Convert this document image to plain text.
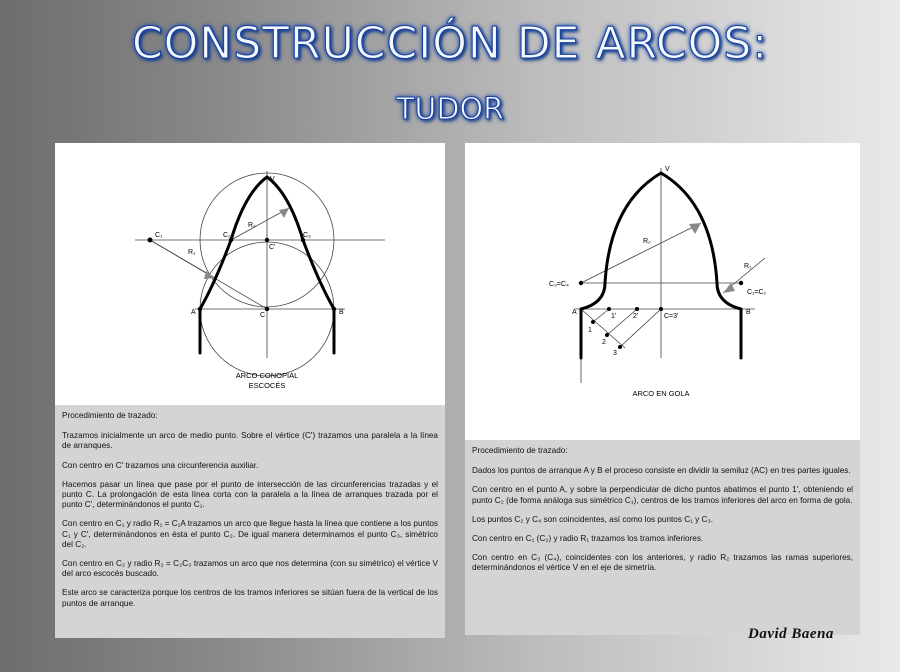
CONSTRUCCIÓN DE ARCOS:
TUDOR
V
C₁
R₁
R₂
C₂	C₃
C'
A	C	B
ARCO CONOPIAL
ESCOCÉS

Procedimiento de trazado:

Trazamos inicialmente un arco de medio punto. Sobre el vértice (C') trazamos una paralela a la línea de arranques.

Con centro en C' trazamos una circunferencia auxiliar.

Hacemos pasar un línea que pase por el punto de intersección de las circunferencias trazadas y el punto C. La prolongación de esta línea corta con la paralela a la línea de arranques trazada por el punto C', determinándonos el punto C₁.

Con centro en C₁ y radio R₁ = C₁A trazamos un arco que llegue hasta la línea que contiene a los puntos C₁ y C', determinándonos en ésta el punto C₂. De igual manera determinamos el punto C₃, simétrico del C₂.

Con centro en C₂ y radio R₂ = C₂C₃ trazamos un arco que nos determina (con su simétrico) el vértice V del arco escocés buscado.

Este arco se caracteriza porque los centros de los tramos inferiores se sitúan fuera de la vertical de los puntos de arranque.

V
R₂
R₁
C₃=C₄
C₁=C₂
A	B
C=3'
1
1'
2
2'
3
ARCO EN GOLA

Procedimiento de trazado:

Dados los puntos de arranque A y B el proceso consiste en dividir la semiluz (AC) en tres partes iguales.

Con centro en el punto A, y sobre la perpendicular de dicho puntos abatimos el punto 1', obteniendo el punto C₂ (de forma análoga sus simétrico C₁), centros de los tramos inferiores del arco en forma de gola.

Los puntos C₂ y C₄ son coincidentes, así como los puntos C₁ y C₃.

Con centro en C₁ (C₂) y radio R₁ trazamos los tramos inferiores.

Con centro en C₃ (C₄), coincidentes con los anteriores, y radio R₂ trazamos las ramas superiores, determinándonos el vértice V en el eje de simetría.

David Baena
